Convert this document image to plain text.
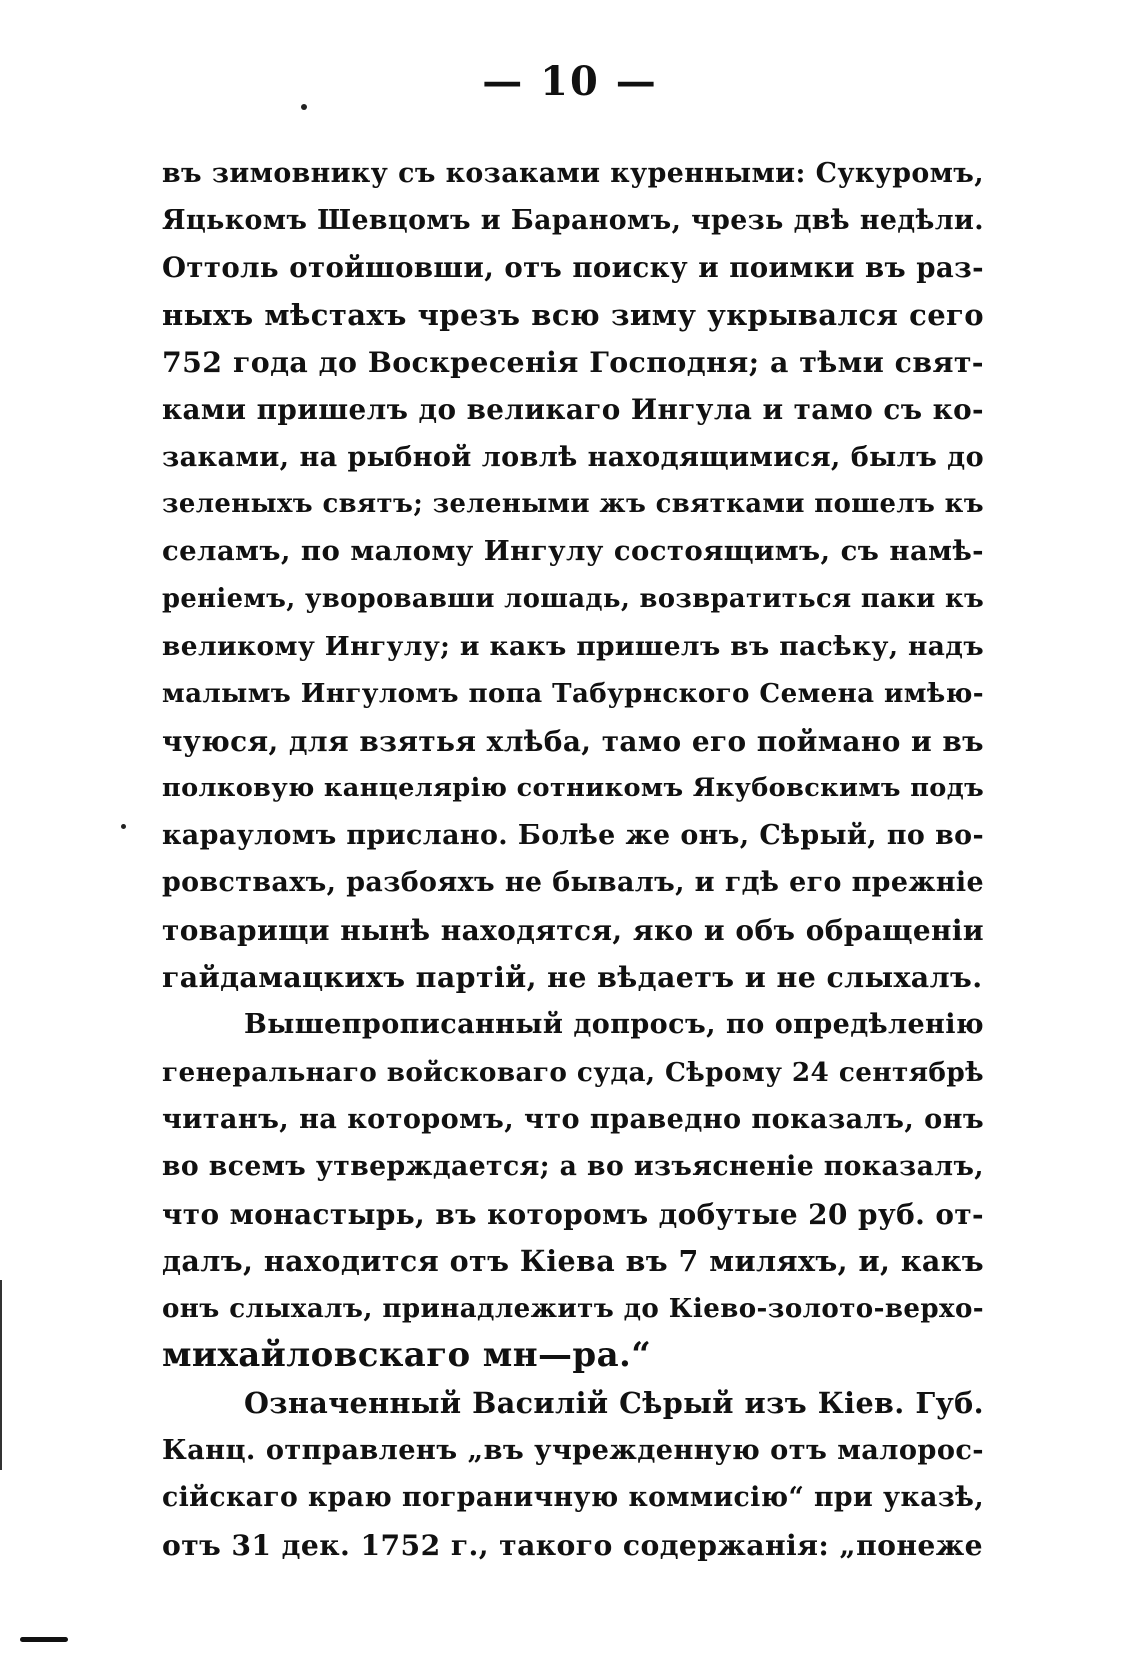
— 10 —
въ зимовнику съ козаками куренными: Сукуромъ,
Яцькомъ Шевцомъ и Бараномъ, чрезь двѣ недѣли.
Оттоль отойшовши, отъ поиску и поимки въ раз-
ныхъ мѣстахъ чрезъ всю зиму укрывался сего
752 года до Воскресенія Господня; а тѣми свят-
ками пришелъ до великаго Ингула и тамо съ ко-
заками, на рыбной ловлѣ находящимися, былъ до
зеленыхъ святъ; зелеными жъ святками пошелъ къ
селамъ, по малому Ингулу состоящимъ, съ намѣ-
реніемъ, уворовавши лошадь, возвратиться паки къ
великому Ингулу; и какъ пришелъ въ пасѣку, надъ
малымъ Ингуломъ попа Табурнского Семена имѣю-
чуюся, для взятья хлѣба, тамо его поймано и въ
полковую канцелярію сотникомъ Якубовскимъ подъ
карауломъ прислано. Болѣе же онъ, Сѣрый, по во-
ровствахъ, разбояхъ не бывалъ, и гдѣ его прежніе
товарищи нынѣ находятся, яко и объ обращеніи
гайдамацкихъ партій, не вѣдаетъ и не слыхалъ.
Вышепрописанный допросъ, по опредѣленію
генеральнаго войсковаго суда, Сѣрому 24 сентябрѣ
читанъ, на которомъ, что праведно показалъ, онъ
во всемъ утверждается; а во изъясненіе показалъ,
что монастырь, въ которомъ добутые 20 руб. от-
далъ, находится отъ Кіева въ 7 миляхъ, и, какъ
онъ слыхалъ, принадлежитъ до Кіево-золото-верхо-
михайловскаго мн—ра.“
Означенный Василій Сѣрый изъ Кіев. Губ.
Канц. отправленъ „въ учрежденную отъ малорос-
сійскаго краю пограничную коммисію“ при указѣ,
отъ 31 дек. 1752 г., такого содержанія: „понеже
